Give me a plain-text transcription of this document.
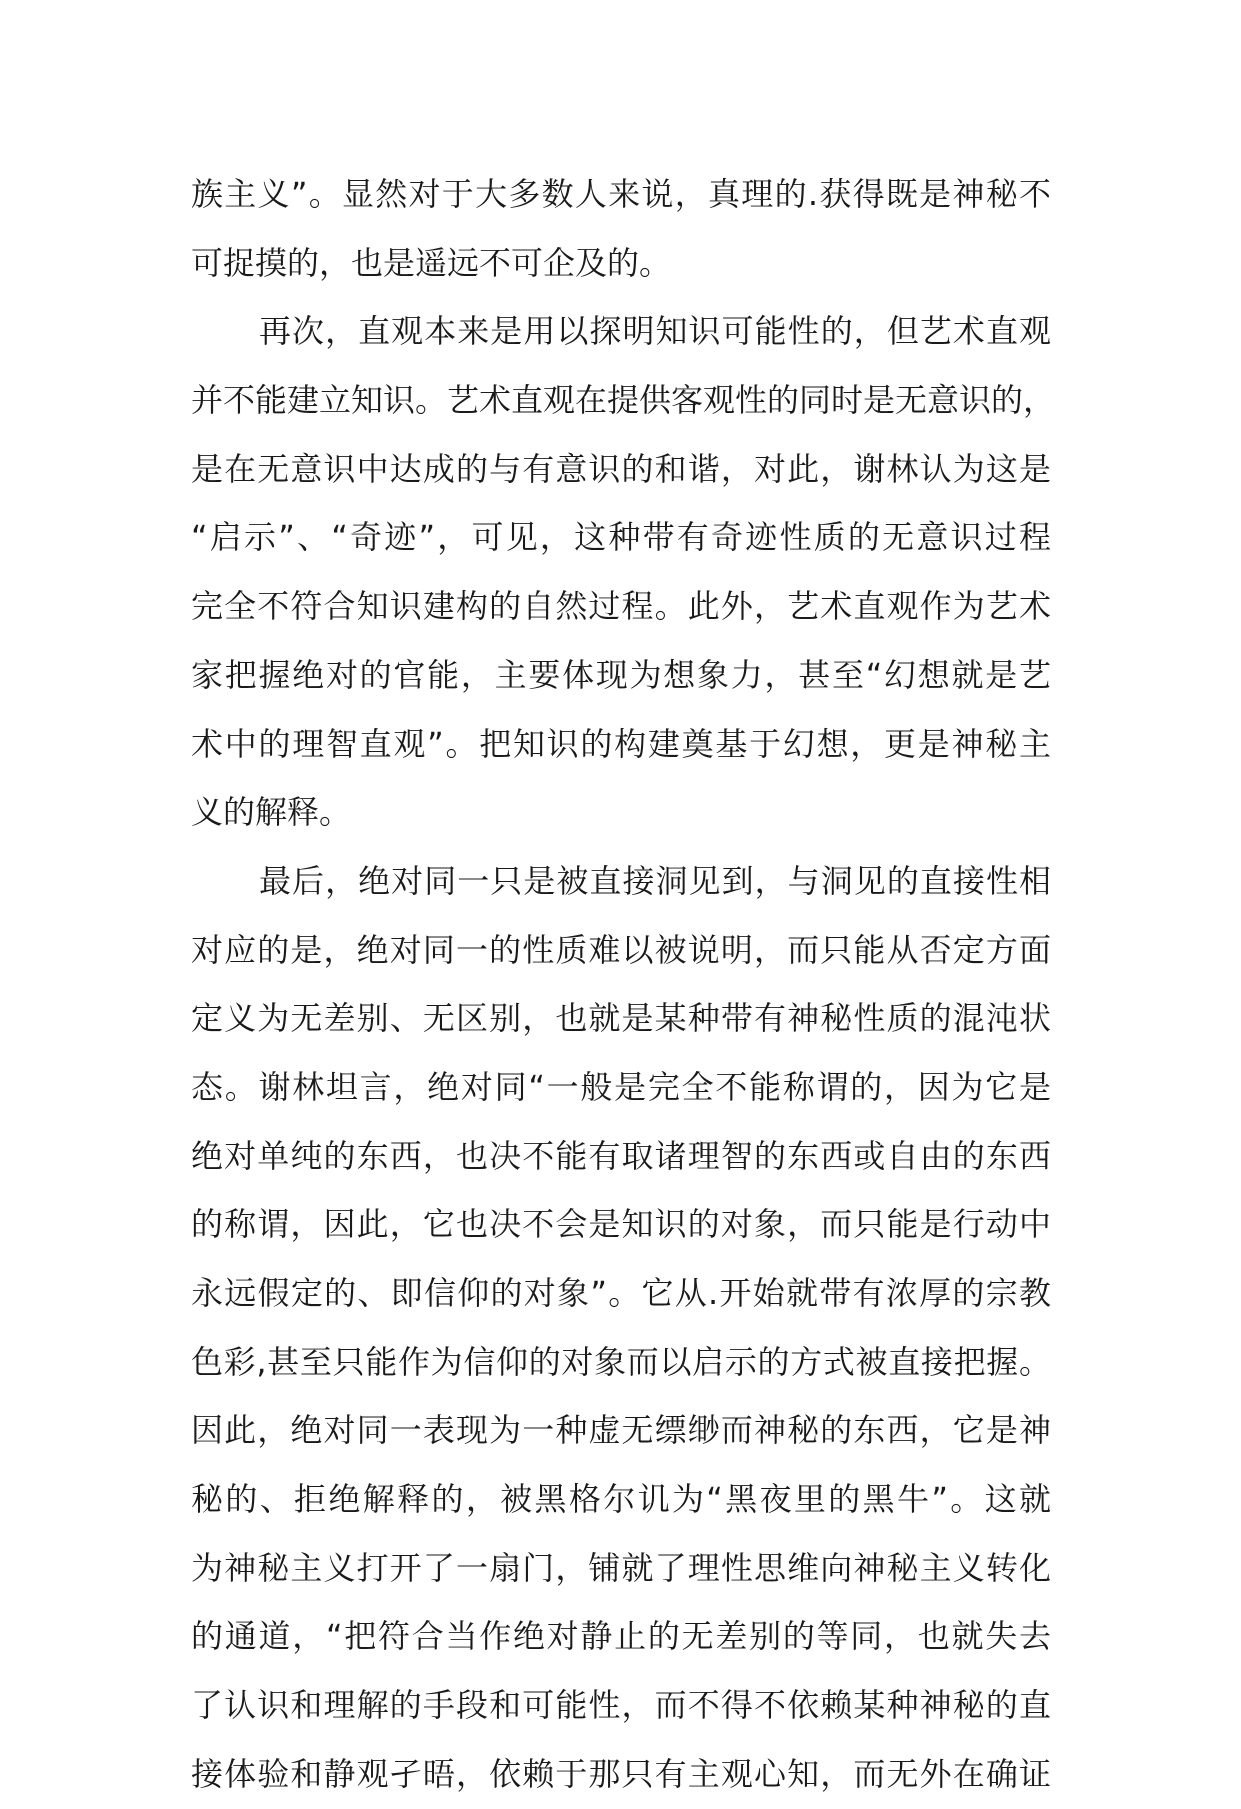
族主义”。显然对于大多数人来说，真理的.获得既是神秘不
可捉摸的，也是遥远不可企及的。
再次，直观本来是用以探明知识可能性的，但艺术直观
并不能建立知识。艺术直观在提供客观性的同时是无意识的，
是在无意识中达成的与有意识的和谐，对此，谢林认为这是
“启示”、“奇迹”，可见，这种带有奇迹性质的无意识过程
完全不符合知识建构的自然过程。此外，艺术直观作为艺术
家把握绝对的官能，主要体现为想象力，甚至“幻想就是艺
术中的理智直观”。把知识的构建奠基于幻想，更是神秘主
义的解释。
最后，绝对同一只是被直接洞见到，与洞见的直接性相
对应的是，绝对同一的性质难以被说明，而只能从否定方面
定义为无差别、无区别，也就是某种带有神秘性质的混沌状
态。谢林坦言，绝对同“一般是完全不能称谓的，因为它是
绝对单纯的东西，也决不能有取诸理智的东西或自由的东西
的称谓，因此，它也决不会是知识的对象，而只能是行动中
永远假定的、即信仰的对象”。它从.开始就带有浓厚的宗教
色彩,甚至只能作为信仰的对象而以启示的方式被直接把握。
因此，绝对同一表现为一种虚无缥缈而神秘的东西，它是神
秘的、拒绝解释的，被黑格尔讥为“黑夜里的黑牛”。这就
为神秘主义打开了一扇门，铺就了理性思维向神秘主义转化
的通道，“把符合当作绝对静止的无差别的等同，也就失去
了认识和理解的手段和可能性，而不得不依赖某种神秘的直
接体验和静观孑晤，依赖于那只有主观心知，而无外在确证
